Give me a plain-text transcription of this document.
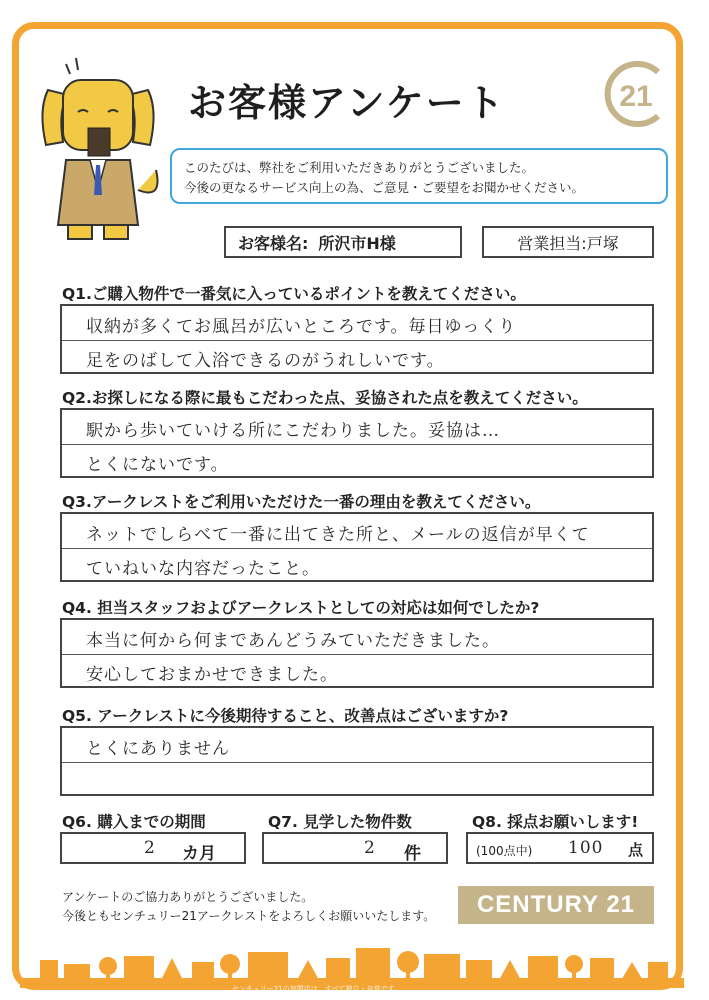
お客様アンケート	21

このたびは、弊社をご利用いただきありがとうございました。

今後の更なるサービス向上の為、ご意見・ご要望をお聞かせください。

お客様名: 所沢市H様	営業担当: 戸塚
Q1.ご購入物件で一番気に入っているポイントを教えてください。
収納が多くてお風呂が広いところです。毎日ゆっくり
足をのばして入浴できるのがうれしいです。
Q2.お探しになる際に最もこだわった点、妥協された点を教えてください。
駅から歩いていける所にこだわりました。妥協は…
とくにないです。
Q3.アークレストをご利用いただけた一番の理由を教えてください。
ネットでしらべて一番に出てきた所と、メールの返信が早くて
ていねいな内容だったこと。
Q4. 担当スタッフおよびアークレストとしての対応は如何でしたか?
本当に何から何まであんどうみていただきました。
安心しておまかせできました。
Q5. アークレストに今後期待すること、改善点はございますか?
とくにありません
Q6. 購入までの期間
2 カ月
Q7. 見学した物件数
2 件
Q8. 採点お願いします!
(100点中) 100 点

アンケートのご協力ありがとうございました。

今後ともセンチュリー21アークレストをよろしくお願いいたします。	CENTURY 21
センチュリー21の加盟店は、すべて独立・自営です。
